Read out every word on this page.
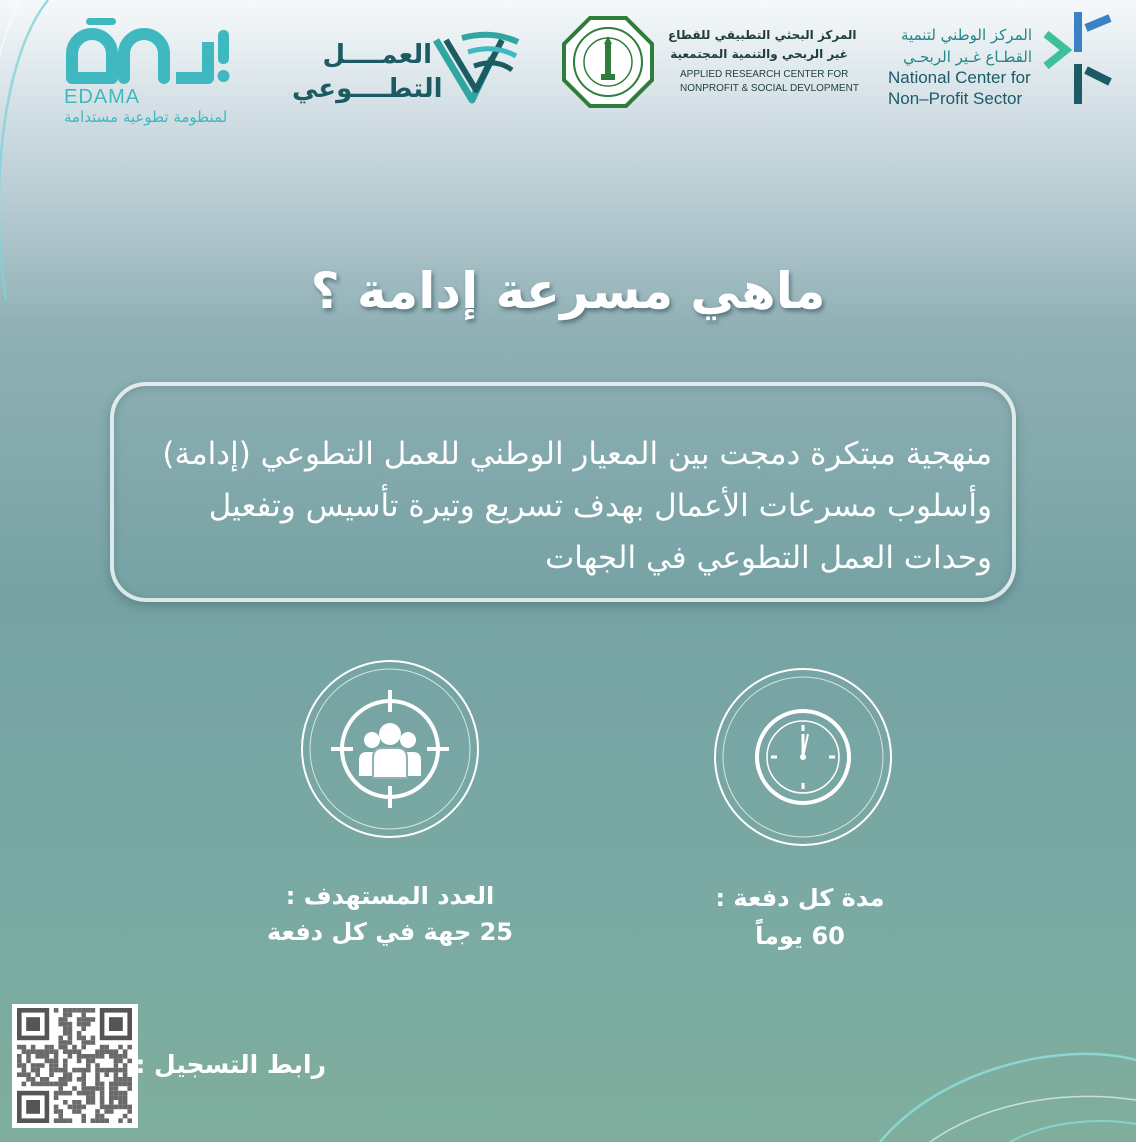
EDAMA
لمنظومة تطوعية مستدامة
العمــــل
التطــــوعي
المركز البحثي التطبيقي للقطاع
غير الربحي والتنمية المجتمعية
APPLIED RESEARCH CENTER FOR
NONPROFIT & SOCIAL DEVLOPMENT
المركز الوطني لتنمية
القطـاع غـير الربحـي
National Center for
Non–Profit Sector
ماهي مسرعة إدامة ؟
منهجية مبتكرة دمجت بين المعيار الوطني للعمل التطوعي (إدامة) وأسلوب مسرعات الأعمال بهدف تسريع وتيرة تأسيس وتفعيل وحدات العمل التطوعي في الجهات
العدد المستهدف :
25 جهة في كل دفعة
مدة كل دفعة :
60 يوماً
رابط التسجيل :
